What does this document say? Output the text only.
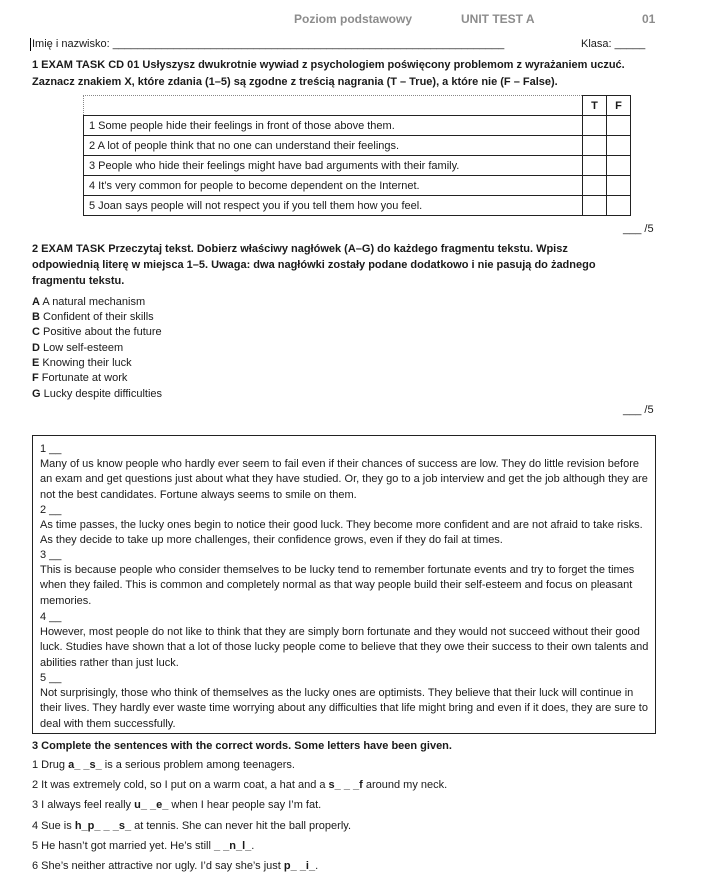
Poziom podstawowy	UNIT TEST A	01
Imię i nazwisko: ________________________________________________________________	Klasa: _____
1 EXAM TASK CD 01 Usłyszysz dwukrotnie wywiad z psychologiem poświęcony problemom z wyrażaniem uczuć.
Zaznacz znakiem X, które zdania (1–5) są zgodne z treścią nagrania (T – True), a które nie (F – False).
	T	F
1 Some people hide their feelings in front of those above them.		
2 A lot of people think that no one can understand their feelings.		
3 People who hide their feelings might have bad arguments with their family.		
4 It’s very common for people to become dependent on the Internet.		
5 Joan says people will not respect you if you tell them how you feel.		
___ /5
2 EXAM TASK Przeczytaj tekst. Dobierz właściwy nagłówek (A–G) do każdego fragmentu tekstu. Wpisz
odpowiednią literę w miejsca 1–5. Uwaga: dwa nagłówki zostały podane dodatkowo i nie pasują do żadnego
fragmentu tekstu.
A A natural mechanism
B Confident of their skills
C Positive about the future
D Low self-esteem
E Knowing their luck
F Fortunate at work
G Lucky despite difficulties
___ /5
1 __
Many of us know people who hardly ever seem to fail even if their chances of success are low. They do little revision before an exam and get questions just about what they have studied. Or, they go to a job interview and get the job although they are not the best candidates. Fortune always seems to smile on them.
2 __
As time passes, the lucky ones begin to notice their good luck. They become more confident and are not afraid to take risks. As they decide to take up more challenges, their confidence grows, even if they do fail at times.
3 __
This is because people who consider themselves to be lucky tend to remember fortunate events and try to forget the times when they failed. This is common and completely normal as that way people build their self-esteem and focus on pleasant memories.
4 __
However, most people do not like to think that they are simply born fortunate and they would not succeed without their good luck. Studies have shown that a lot of those lucky people come to believe that they owe their success to their own talents and abilities rather than just luck.
5 __
Not surprisingly, those who think of themselves as the lucky ones are optimists. They believe that their luck will continue in their lives. They hardly ever waste time worrying about any difficulties that life might bring and even if it does, they are sure to deal with them successfully.
3 Complete the sentences with the correct words. Some letters have been given.
1 Drug a_ _s_ is a serious problem among teenagers.
2 It was extremely cold, so I put on a warm coat, a hat and a s_ _ _f around my neck.
3 I always feel really u_ _e_ when I hear people say I’m fat.
4 Sue is h_p_ _ _s_ at tennis. She can never hit the ball properly.
5 He hasn’t got married yet. He’s still _ _n_l_.
6 She’s neither attractive nor ugly. I’d say she’s just p_ _i_.
